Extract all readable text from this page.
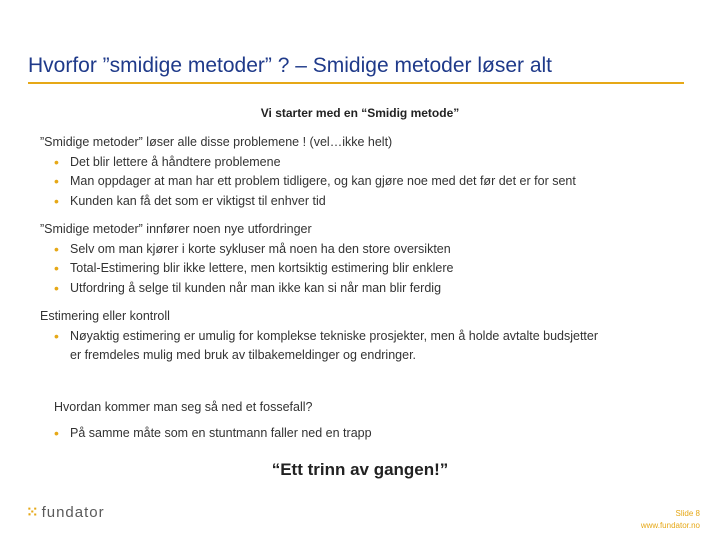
Hvorfor ”smidige metoder” ? – Smidige metoder løser alt
Vi starter med en “Smidig metode”
”Smidige metoder” løser alle disse problemene ! (vel…ikke helt)
• Det blir lettere å håndtere problemene
• Man oppdager at man har ett problem tidligere, og kan gjøre noe med det før det er for sent
• Kunden kan få det som er viktigst til enhver tid
”Smidige metoder” innfører noen nye utfordringer
• Selv om man kjører i korte sykluser må noen ha den store oversikten
• Total-Estimering blir ikke lettere, men kortsiktig estimering blir enklere
• Utfordring å selge til kunden når man ikke kan si når man blir ferdig
Estimering eller kontroll
• Nøyaktig estimering er umulig for komplekse tekniske prosjekter, men å holde avtalte budsjetter
er fremdeles mulig med bruk av tilbakemeldinger og endringer.
Hvordan kommer man seg så ned et fossefall?
• På samme måte som en stuntmann faller ned en trapp
“Ett trinn av gangen!”
⁙ fundator	Slide 8
www.fundator.no
